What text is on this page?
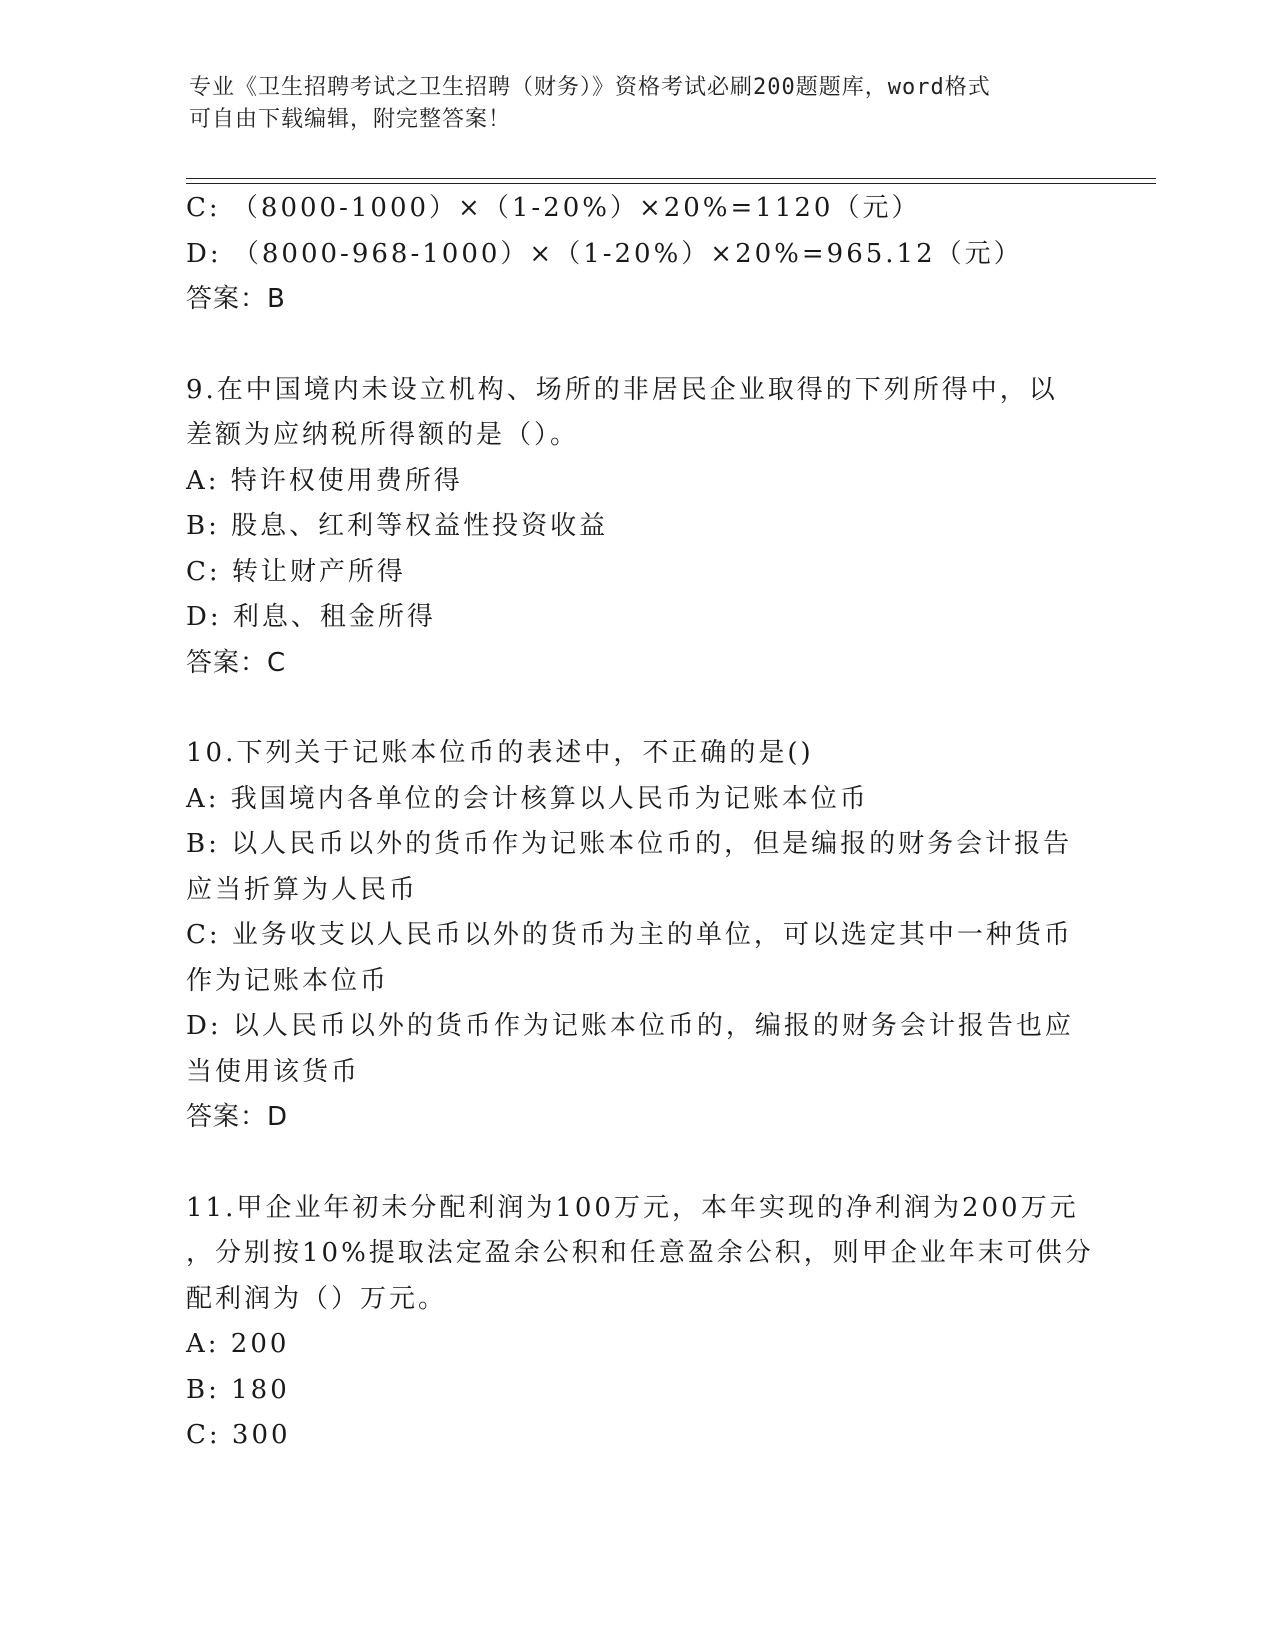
专业《卫生招聘考试之卫生招聘（财务）》资格考试必刷200题题库，word格式
可自由下载编辑，附完整答案！
C: （8000-1000）×（1-20%）×20%=1120（元）
D: （8000-968-1000）×（1-20%）×20%=965.12（元）
答案：B
9.在中国境内未设立机构、场所的非居民企业取得的下列所得中，以
差额为应纳税所得额的是（）。
A: 特许权使用费所得
B: 股息、红利等权益性投资收益
C: 转让财产所得
D: 利息、租金所得
答案：C
10.下列关于记账本位币的表述中，不正确的是()
A: 我国境内各单位的会计核算以人民币为记账本位币
B: 以人民币以外的货币作为记账本位币的，但是编报的财务会计报告
应当折算为人民币
C: 业务收支以人民币以外的货币为主的单位，可以选定其中一种货币
作为记账本位币
D: 以人民币以外的货币作为记账本位币的，编报的财务会计报告也应
当使用该货币
答案：D
11.甲企业年初未分配利润为100万元，本年实现的净利润为200万元
，分别按10%提取法定盈余公积和任意盈余公积，则甲企业年末可供分
配利润为（）万元。
A: 200
B: 180
C: 300
